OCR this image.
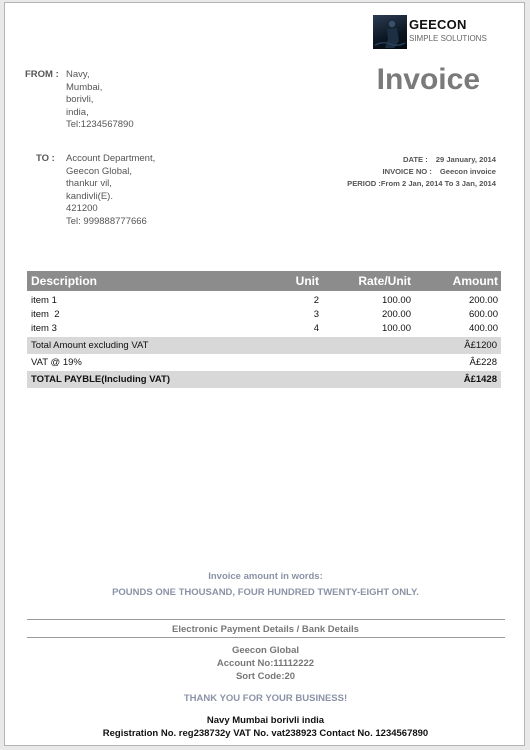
GEECON
SIMPLE SOLUTIONS
Invoice
FROM : Navy,
Mumbai,
borivli,
india,
Tel:1234567890
TO : Account Department,
Geecon Global,
thankur vil,
kandivli(E).
421200
Tel: 999888777666
DATE : 29 January, 2014
INVOICE NO : Geecon invoice
PERIOD :From 2 Jan, 2014 To 3 Jan, 2014
Description	Unit	Rate/Unit	Amount
item 1	2	100.00	200.00
item  2	3	200.00	600.00
item 3	4	100.00	400.00
Total Amount excluding VAT	Â£1200
VAT @ 19%	Â£228
TOTAL PAYBLE(Including VAT)	Â£1428
Invoice amount in words:
POUNDS ONE THOUSAND, FOUR HUNDRED TWENTY-EIGHT ONLY.
Electronic Payment Details / Bank Details
Geecon Global
Account No:11112222
Sort Code:20
THANK YOU FOR YOUR BUSINESS!
Navy Mumbai borivli india
Registration No. reg238732y VAT No. vat238923 Contact No. 1234567890
